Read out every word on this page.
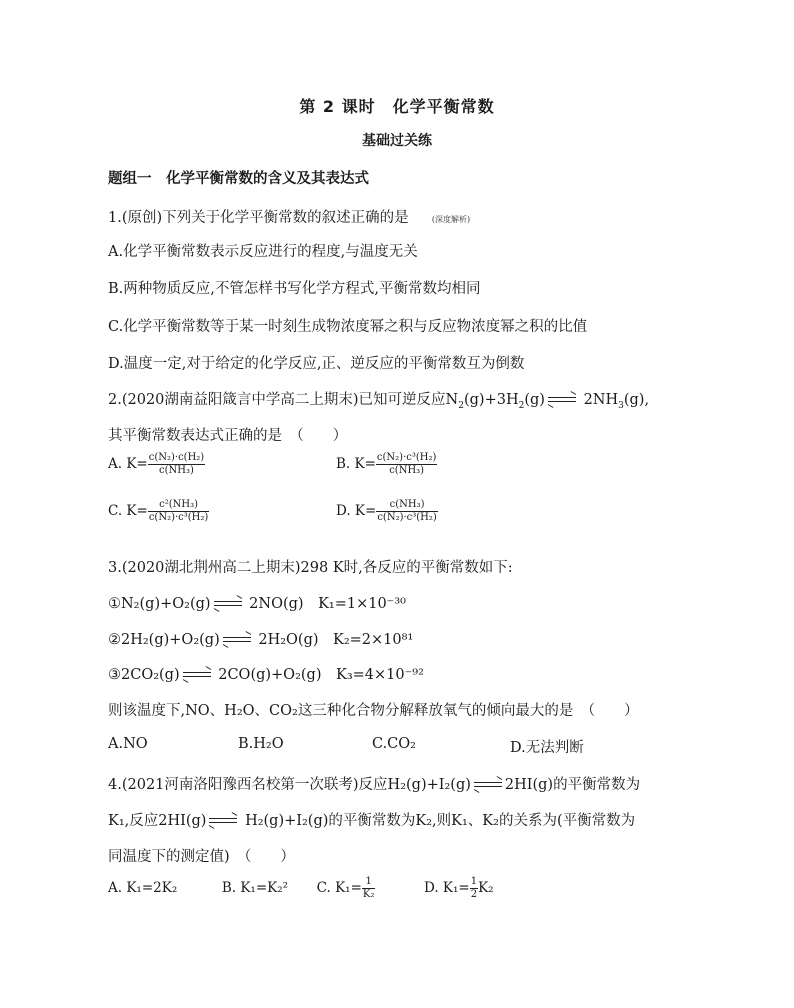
第 2 课时　化学平衡常数
基础过关练
题组一　化学平衡常数的含义及其表达式
1.(原创)下列关于化学平衡常数的叙述正确的是	(深度解析)
A.化学平衡常数表示反应进行的程度,与温度无关
B.两种物质反应,不管怎样书写化学方程式,平衡常数均相同
C.化学平衡常数等于某一时刻生成物浓度幂之积与反应物浓度幂之积的比值
D.温度一定,对于给定的化学反应,正、逆反应的平衡常数互为倒数
2.(2020湖南益阳箴言中学高二上期末)已知可逆反应$N_2(g)+3H_2(g)$	$2NH_3(g)$,
其平衡常数表达式正确的是　（　　）
A. $K= \frac{\text{c(N₂)·c(H₂)}}{\text{c(NH₃)}}$	B. $K= \frac{\text{c(N₂)·c³(H₂)}}{\text{c(NH₃)}}$
C. $K= \frac{\text{c²(NH₃)}}{\text{c(N₂)·c³(H₂)}}$	D. $K= \frac{\text{c(NH₃)}}{\text{c(N₂)·c³(H₂)}}$
3.(2020湖北荆州高二上期末)298 K时,各反应的平衡常数如下:
①N₂(g)+O₂(g)	2NO(g)　 K₁=1×10⁻³⁰
②2H₂(g)+O₂(g)	2H₂O(g)　 K₂=2×10⁸¹
③2CO₂(g)	2CO(g)+O₂(g)　 K₃=4×10⁻⁹²
则该温度下,NO、H₂O、CO₂这三种化合物分解释放氧气的倾向最大的是　（　　）
A.NO	B.H₂O	C.CO₂	D.无法判断
4.(2021河南洛阳豫西名校第一次联考)反应H₂(g)+I₂(g) 2HI(g)的平衡常数为
K₁,反应2HI(g)	H₂(g)+I₂(g)的平衡常数为K₂,则K₁、K₂的关系为(平衡常数为
同温度下的测定值)　（　　）
A. K₁=2K₂	B. K₁=K₂² C. $K_1= \frac{1}{\text{K₂}}$	D. $K_1= \frac{1}{2} K_2$
